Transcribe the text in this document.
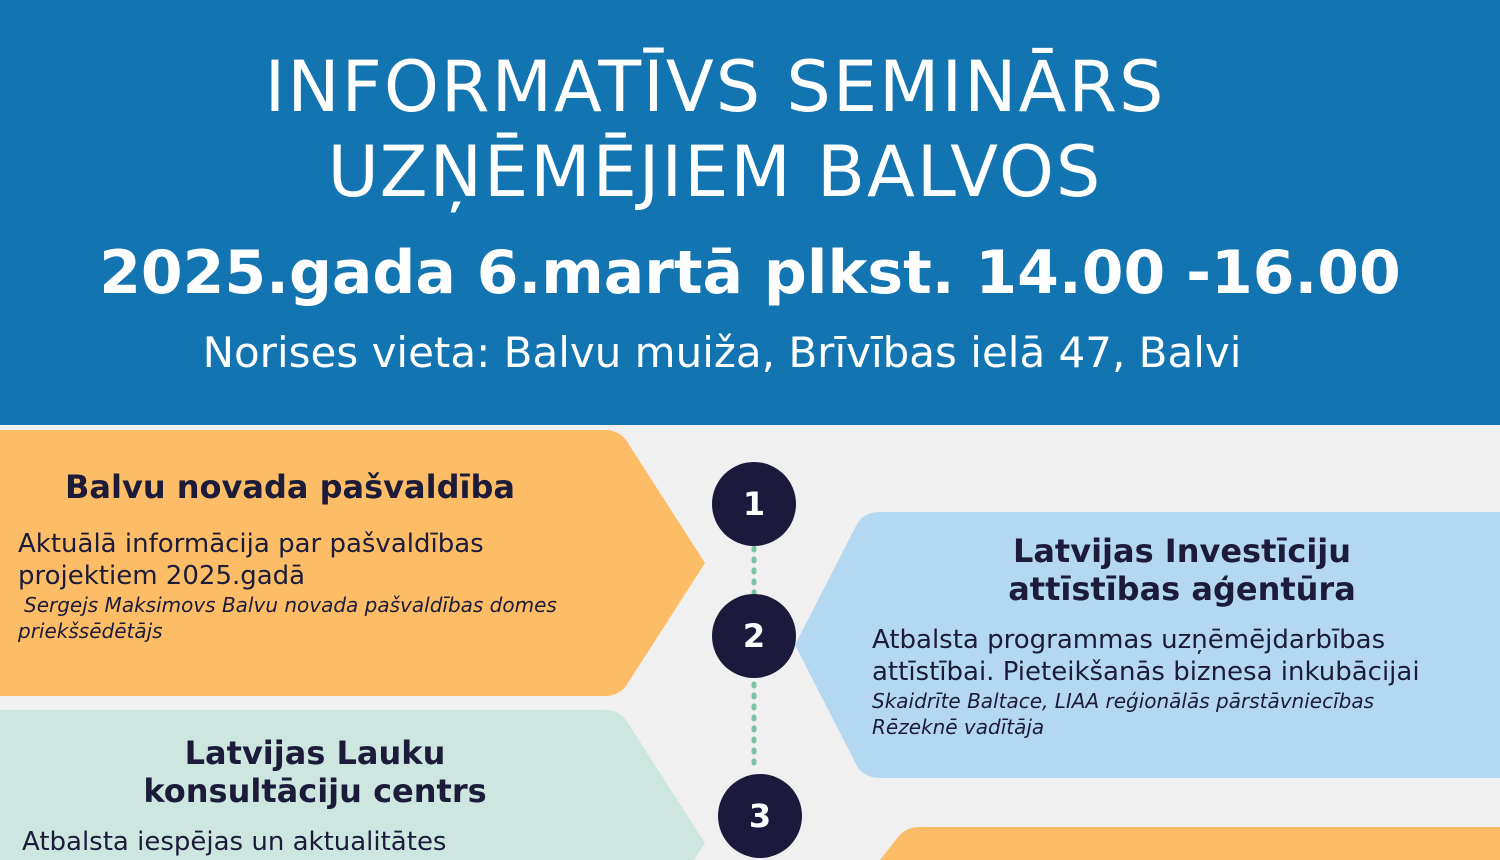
INFORMATĪVS SEMINĀRS
UZŅĒMĒJIEM BALVOS
2025.gada 6.martā plkst. 14.00 -16.00
Norises vieta: Balvu muiža, Brīvības ielā 47, Balvi
1
2
3
Balvu novada pašvaldība
Aktuālā informācija par pašvaldības
projektiem 2025.gadā
Sergejs Maksimovs Balvu novada pašvaldības domes
priekšsēdētājs
Latvijas Investīciju
attīstības aģentūra
Atbalsta programmas uzņēmējdarbības
attīstībai. Pieteikšanās biznesa inkubācijai
Skaidrīte Baltace, LIAA reģionālās pārstāvniecības
Rēzeknē vadītāja
Latvijas Lauku
konsultāciju centrs
Atbalsta iespējas un aktualitātes
